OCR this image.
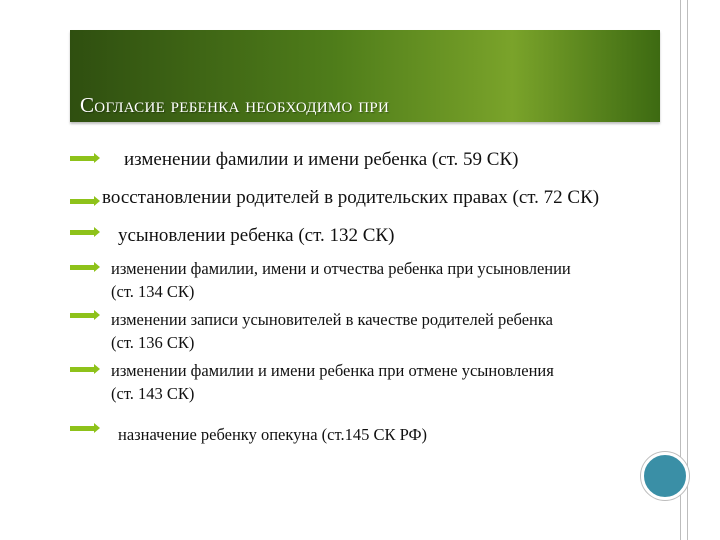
Согласие ребенка необходимо при
изменении фамилии и имени ребенка (ст. 59 СК)
восстановлении родителей в родительских правах (ст. 72 СК)
усыновлении ребенка (ст. 132 СК)
изменении фамилии, имени и отчества ребенка при усыновлении
(ст. 134 СК)
изменении записи усыновителей в качестве родителей ребенка
(ст. 136 СК)
изменении фамилии и имени ребенка при отмене усыновления
(ст. 143 СК)
назначение ребенку опекуна (ст.145 СК РФ)
